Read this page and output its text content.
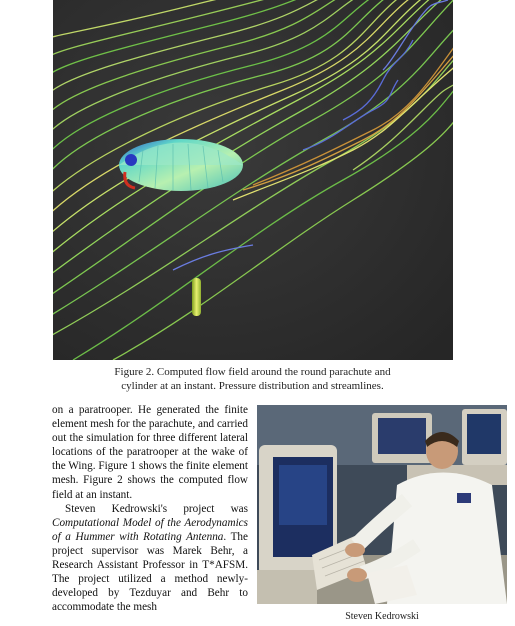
Figure 2. Computed flow field around the round parachute and
cylinder at an instant. Pressure distribution and streamlines.

on a paratrooper. He generated the finite element mesh for the parachute, and carried out the simulation for three different lateral locations of the paratrooper at the wake of the Wing. Figure 1 shows the finite element mesh. Figure 2 shows the computed flow field at an instant.

Steven Kedrowski's project was Computational Model of the Aerodynamics of a Hummer with Rotating Antenna. The project supervisor was Marek Behr, a Research Assistant Professor in T*AFSM. The project utilized a method newly-developed by Tezduyar and Behr to accommodate the mesh

Steven Kedrowski
